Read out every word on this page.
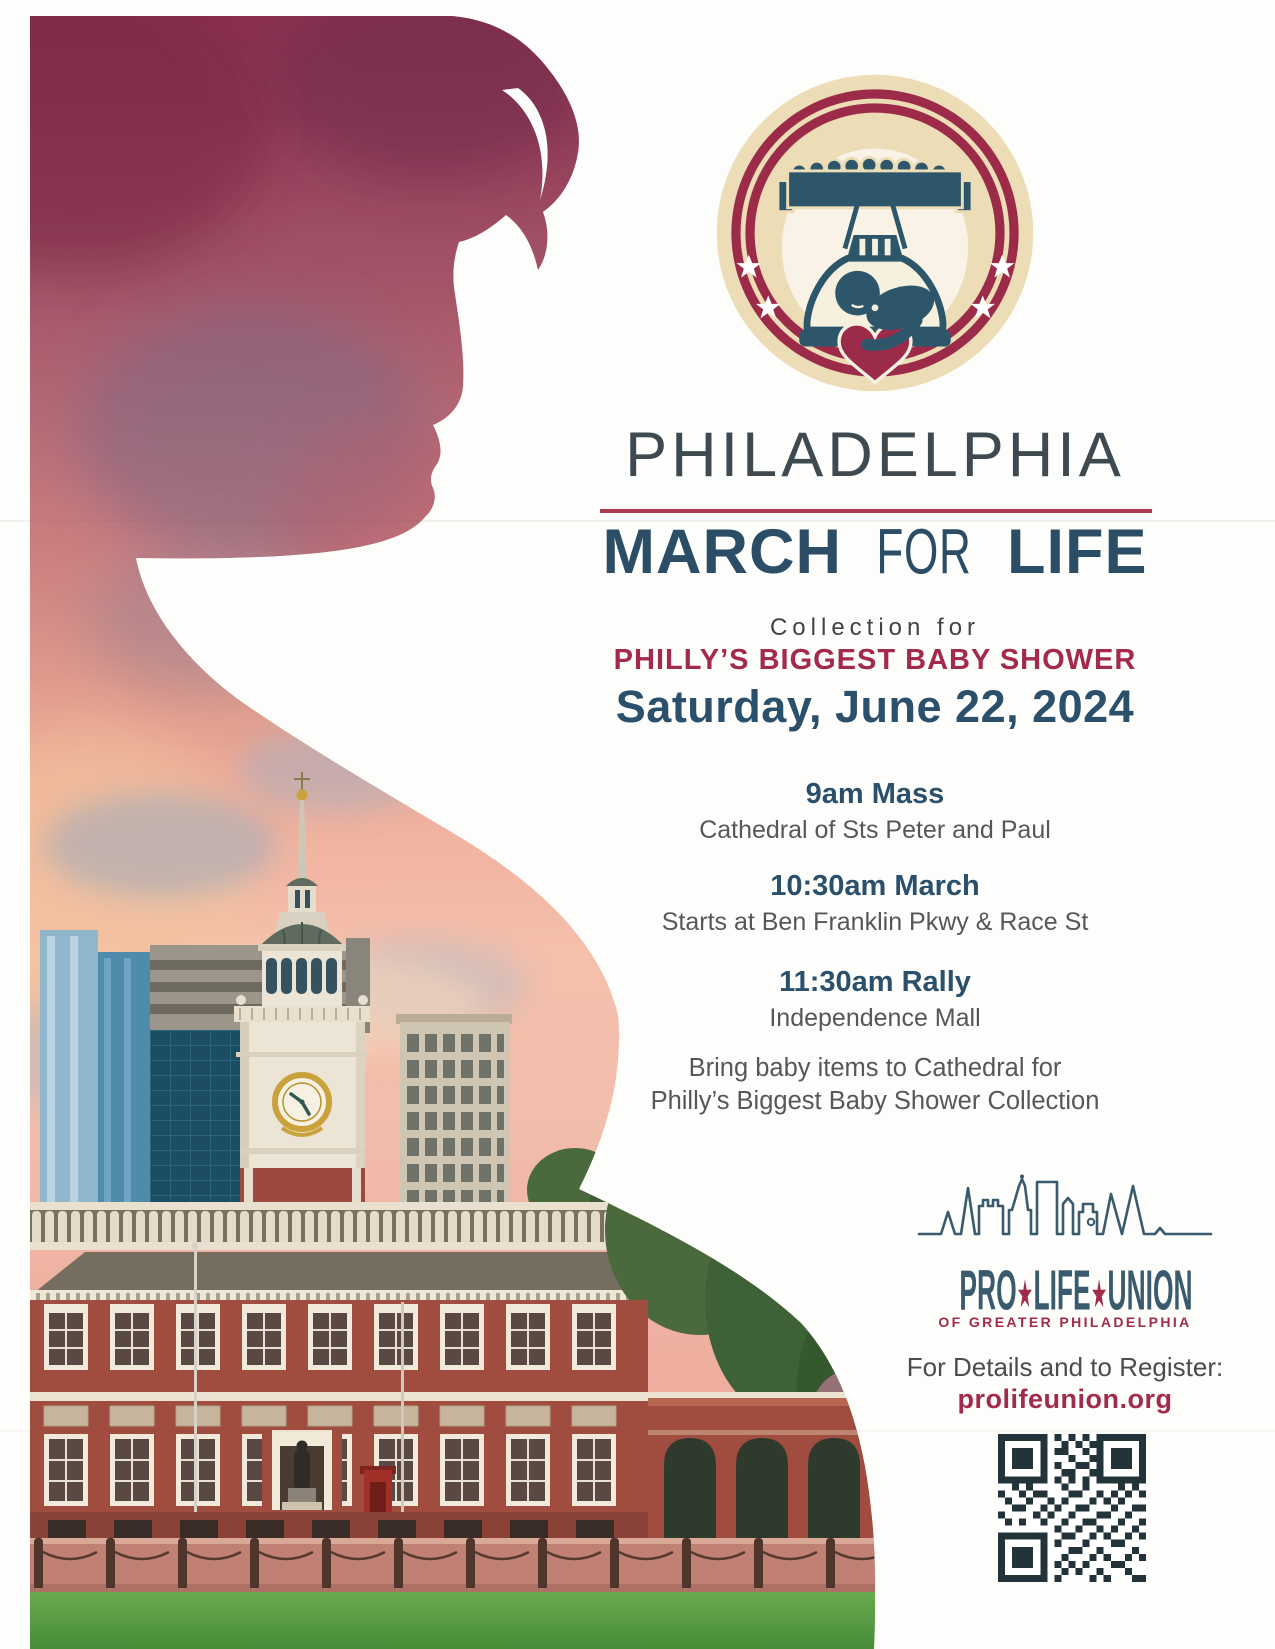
PHILADELPHIA
MARCH FOR LIFE
Collection for
PHILLY’S BIGGEST BABY SHOWER
Saturday, June 22, 2024
9am Mass
Cathedral of Sts Peter and Paul
10:30am March
Starts at Ben Franklin Pkwy & Race St
11:30am Rally
Independence Mall
Bring baby items to Cathedral for
Philly’s Biggest Baby Shower Collection
PRO★LIFE★UNION
OF GREATER PHILADELPHIA
For Details and to Register:
prolifeunion.org
